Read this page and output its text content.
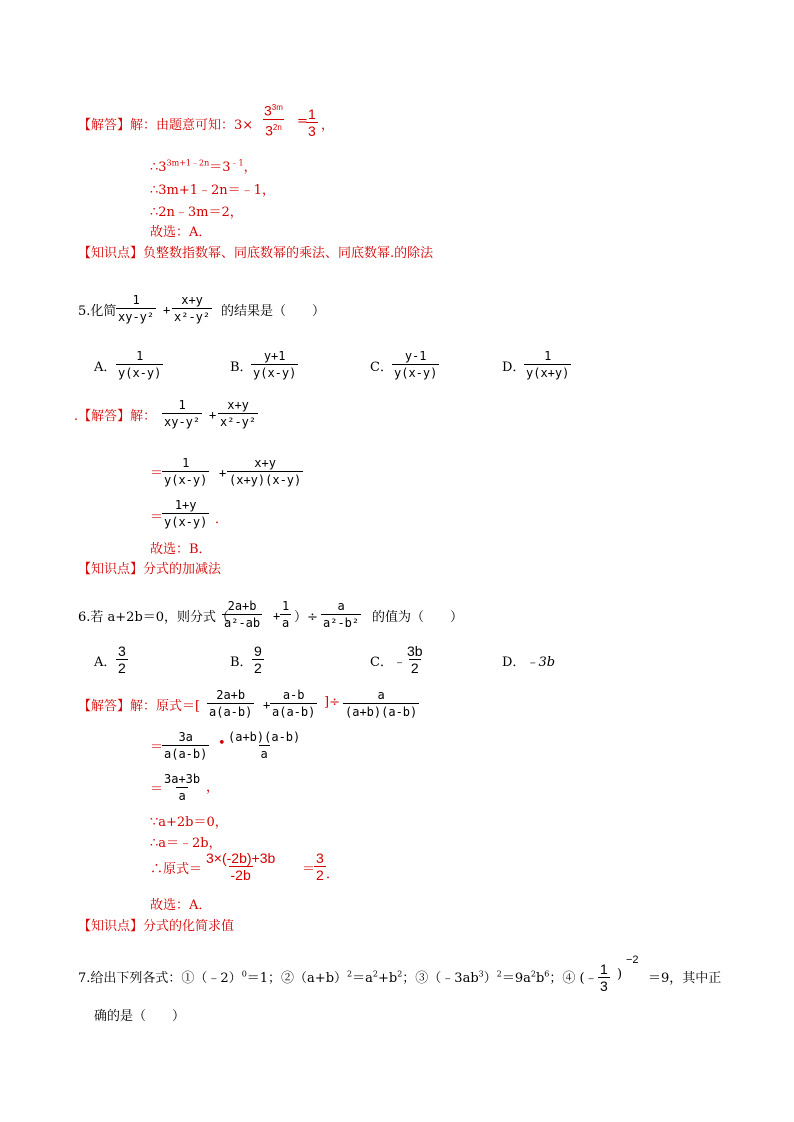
【解答】解：由题意可知：$3\times \frac{3^{3m}}{3^{2n}}$ =
$\frac{1}{3}$ ，
$\therefore 3^{3m+1﹣2n}=3^{﹣1}$，
∴3m+1﹣2n＝﹣1，
∴2n﹣3m＝2，
故选：A．
【知识点】负整数指数幂、同底数幂的乘法、同底数幂.的除法
5.化简 $\frac{1}{\text{xy-y²}} + \frac{x+y}{\text{x²-y²}}$ 的结果是（　　）
A． $\frac{1}{y(x-y)}$	B．
$\frac{y+1}{y(x-y)}$	C． $\frac{y-1}{y(x-y)}$	D．
$\frac{1}{y(x+y)}$
.【解答】解： $\frac{1}{\text{xy-y²}} + \frac{x+y}{\text{x²-y²}}$
＝
$\frac{1}{y(x-y)} + \frac{x+y}{(x+y)(x-y)}$
＝
$\frac{1+y}{y(x-y)}$ ．
故选：B．
【知识点】分式的加减法
6.若 a+2b＝0，则分式（
$\frac{2a+b}{\text{a²-ab}} + \frac{1}{a}$ ）÷ $\frac{a}{\text{a²-b²}}$ 的值为（　　）
A． $\frac{3}{2}$	B． $\frac{9}{2}$	C．﹣ $\frac{3b}{2}$	D．﹣3b
【解答】解：原式＝[ $\frac{2a+b}{a(a-b)} + \frac{a-b}{a(a-b)}$ ]÷ $\frac{a}{(a+b)(a-b)}$
＝
$\frac{3a}{a(a-b)}$ • $\frac{(a+b)(a-b)}{a}$
＝
$\frac{3a+3b}{a}$ ，
∵a+2b＝0，
∴a＝﹣2b，
∴原式＝ $\frac{3\times(-2b)+3b}{-2b}$ ＝
$\frac{3}{2}$ ．
故选：A．
【知识点】分式的化简求值
7.给出下列各式：①（﹣2）$^0$＝1；$②(a+b)^2=a^2+b^2$；$③(﹣3ab^3)^2=9a^2b^6$；④ (﹣ $\frac{1}{3}$ )
−2
＝9，其中正
确的是（　　）
